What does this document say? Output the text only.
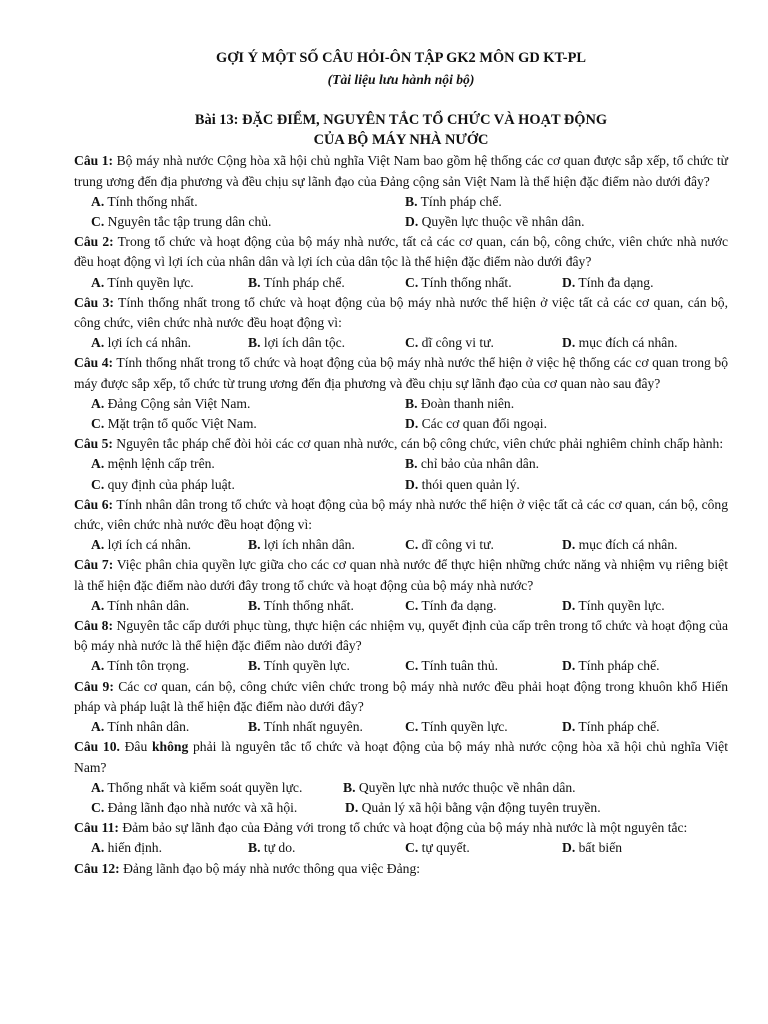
GỢI Ý MỘT SỐ CÂU HỎI-ÔN TẬP GK2 MÔN GD KT-PL

(Tài liệu lưu hành nội bộ)

Bài 13: ĐẶC ĐIỂM, NGUYÊN TẮC TỔ CHỨC VÀ HOẠT ĐỘNG
CỦA BỘ MÁY NHÀ NƯỚC

Câu 1: Bộ máy nhà nước Cộng hòa xã hội chủ nghĩa Việt Nam bao gồm hệ thống các cơ quan được sắp xếp, tổ chức từ trung ương đến địa phương và đều chịu sự lãnh đạo của Đảng cộng sản Việt Nam là thể hiện đặc điểm nào dưới đây?

A. Tính thống nhất.	B. Tính pháp chế.
C. Nguyên tắc tập trung dân chủ.	D. Quyền lực thuộc về nhân dân.

Câu 2: Trong tổ chức và hoạt động của bộ máy nhà nước, tất cả các cơ quan, cán bộ, công chức, viên chức nhà nước đều hoạt động vì lợi ích của nhân dân và lợi ích của dân tộc là thể hiện đặc điểm nào dưới đây?

A. Tính quyền lực.	B. Tính pháp chế.	C. Tính thống nhất.	D. Tính đa dạng.

Câu 3: Tính thống nhất trong tổ chức và hoạt động của bộ máy nhà nước thể hiện ở việc tất cả các cơ quan, cán bộ, công chức, viên chức nhà nước đều hoạt động vì:

A. lợi ích cá nhân.	B. lợi ích dân tộc.	C. dĩ công vi tư.	D. mục đích cá nhân.

Câu 4: Tính thống nhất trong tổ chức và hoạt động của bộ máy nhà nước thể hiện ở việc hệ thống các cơ quan trong bộ máy được sắp xếp, tổ chức từ trung ương đến địa phương và đều chịu sự lãnh đạo của cơ quan nào sau đây?

A. Đảng Cộng sản Việt Nam.	B. Đoàn thanh niên.
C. Mặt trận tổ quốc Việt Nam.	D. Các cơ quan đối ngoại.

Câu 5: Nguyên tắc pháp chế đòi hỏi các cơ quan nhà nước, cán bộ công chức, viên chức phải nghiêm chỉnh chấp hành:

A. mệnh lệnh cấp trên.	B. chỉ bảo của nhân dân.
C. quy định của pháp luật.	D. thói quen quản lý.

Câu 6: Tính nhân dân trong tổ chức và hoạt động của bộ máy nhà nước thể hiện ở việc tất cả các cơ quan, cán bộ, công chức, viên chức nhà nước đều hoạt động vì:

A. lợi ích cá nhân.	B. lợi ích nhân dân.	C. dĩ công vi tư.	D. mục đích cá nhân.

Câu 7: Việc phân chia quyền lực giữa cho các cơ quan nhà nước để thực hiện những chức năng và nhiệm vụ riêng biệt là thể hiện đặc điểm nào dưới đây trong tổ chức và hoạt động của bộ máy nhà nước?

A. Tính nhân dân.	B. Tính thống nhất.	C. Tính đa dạng.	D. Tính quyền lực.

Câu 8: Nguyên tắc cấp dưới phục tùng, thực hiện các nhiệm vụ, quyết định của cấp trên trong tổ chức và hoạt động của bộ máy nhà nước là thể hiện đặc điểm nào dưới đây?

A. Tính tôn trọng.	B. Tính quyền lực.	C. Tính tuân thủ.	D. Tính pháp chế.

Câu 9: Các cơ quan, cán bộ, công chức viên chức trong bộ máy nhà nước đều phải hoạt động trong khuôn khổ Hiến pháp và pháp luật là thể hiện đặc điểm nào dưới đây?

A. Tính nhân dân.	B. Tính nhất nguyên.	C. Tính quyền lực.	D. Tính pháp chế.

Câu 10. Đâu không phải là nguyên tắc tổ chức và hoạt động của bộ máy nhà nước cộng hòa xã hội chủ nghĩa Việt Nam?

A. Thống nhất và kiểm soát quyền lực.	B. Quyền lực nhà nước thuộc về nhân dân.
C. Đảng lãnh đạo nhà nước và xã hội.	D. Quản lý xã hội bằng vận động tuyên truyền.

Câu 11: Đảm bảo sự lãnh đạo của Đảng với trong tổ chức và hoạt động của bộ máy nhà nước là một nguyên tắc:

A. hiến định.	B. tự do.	C. tự quyết.	D. bất biến

Câu 12: Đảng lãnh đạo bộ máy nhà nước thông qua việc Đảng:
